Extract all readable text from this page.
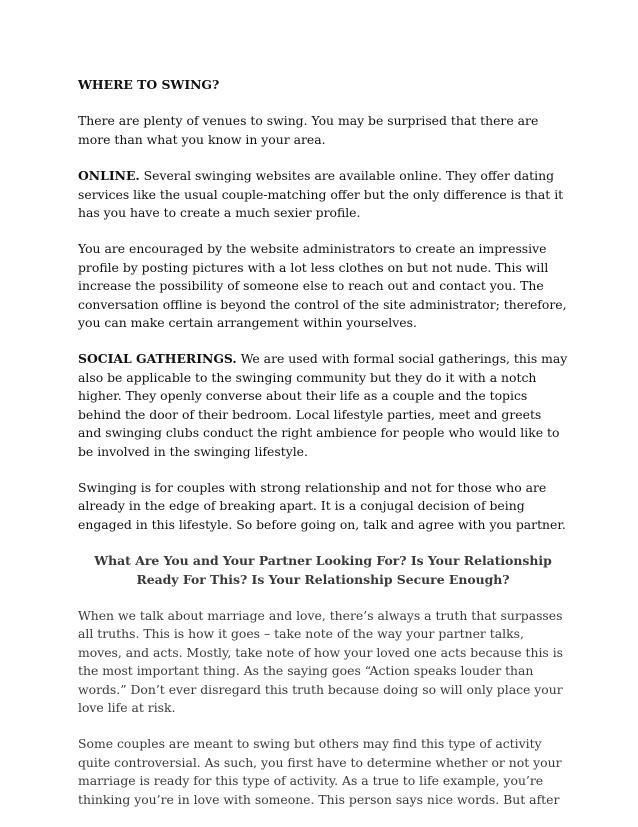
WHERE TO SWING?

There are plenty of venues to swing. You may be surprised that there are more than what you know in your area.

ONLINE. Several swinging websites are available online. They offer dating services like the usual couple-matching offer but the only difference is that it has you have to create a much sexier profile.

You are encouraged by the website administrators to create an impressive profile by posting pictures with a lot less clothes on but not nude. This will increase the possibility of someone else to reach out and contact you. The conversation offline is beyond the control of the site administrator; therefore, you can make certain arrangement within yourselves.

SOCIAL GATHERINGS. We are used with formal social gatherings, this may also be applicable to the swinging community but they do it with a notch higher. They openly converse about their life as a couple and the topics behind the door of their bedroom. Local lifestyle parties, meet and greets and swinging clubs conduct the right ambience for people who would like to be involved in the swinging lifestyle.

Swinging is for couples with strong relationship and not for those who are already in the edge of breaking apart. It is a conjugal decision of being engaged in this lifestyle. So before going on, talk and agree with you partner.

What Are You and Your Partner Looking For? Is Your Relationship Ready For This? Is Your Relationship Secure Enough?

When we talk about marriage and love, there’s always a truth that surpasses all truths. This is how it goes – take note of the way your partner talks, moves, and acts. Mostly, take note of how your loved one acts because this is the most important thing. As the saying goes “Action speaks louder than words.” Don’t ever disregard this truth because doing so will only place your love life at risk.

Some couples are meant to swing but others may find this type of activity quite controversial. As such, you first have to determine whether or not your marriage is ready for this type of activity. As a true to life example, you’re thinking you’re in love with someone. This person says nice words. But after
